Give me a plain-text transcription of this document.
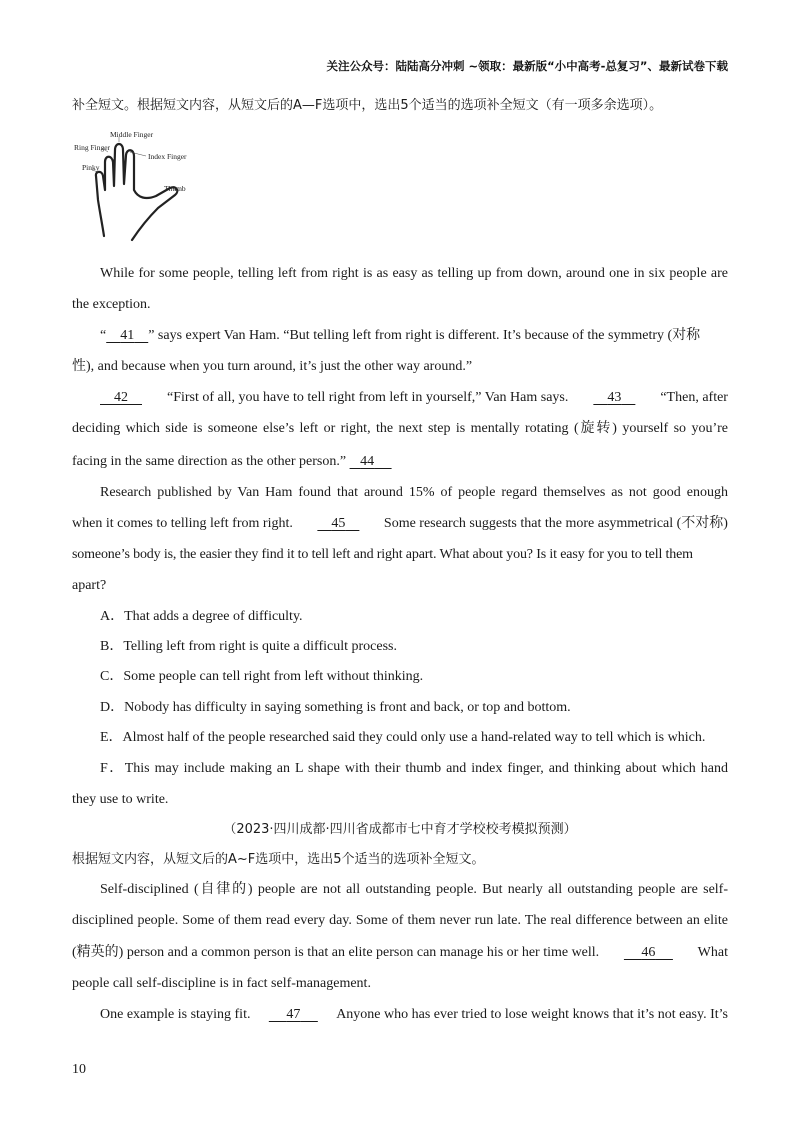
关注公众号：陆陆高分冲刺 ~领取：最新版“小中高考-总复习”、最新试卷下载
补全短文。根据短文内容，从短文后的A—F选项中，选出5个适当的选项补全短文（有一项多余选项）。
Middle Finger
Ring Finger
Index Finger
Pinky
Thumb
While for some people, telling left from right is as easy as telling up from down, around one in six people are
the exception.
“ 41 ” says expert Van Ham. “But telling left from right is different. It’s because of the symmetry (对称
性), and because when you turn around, it’s just the other way around.”
42	“First of all, you have to tell right from left in yourself,” Van Ham says.	43	“Then, after
deciding which side is someone else’s left or right, the next step is mentally rotating (旋转) yourself so you’re
facing in the same direction as the other person.” 44
Research published by Van Ham found that around 15% of people regard themselves as not good enough
when it comes to telling left from right.	45	Some research suggests that the more asymmetrical (不对称)
someone’s body is, the easier they find it to tell left and right apart. What about you? Is it easy for you to tell them
apart?
A．That adds a degree of difficulty.
B．Telling left from right is quite a difficult process.
C．Some people can tell right from left without thinking.
D．Nobody has difficulty in saying something is front and back, or top and bottom.
E．Almost half of the people researched said they could only use a hand-related way to tell which is which.
F．This may include making an L shape with their thumb and index finger, and thinking about which hand
they use to write.
（2023·四川成都·四川省成都市七中育才学校校考模拟预测）
根据短文内容，从短文后的A~F选项中，选出5个适当的选项补全短文。
Self-disciplined (自律的) people are not all outstanding people. But nearly all outstanding people are self-
disciplined people. Some of them read every day. Some of them never run late. The real difference between an elite
(精英的) person and a common person is that an elite person can manage his or her time well.	46	What
people call self-discipline is in fact self-management.
One example is staying fit.	47	Anyone who has ever tried to lose weight knows that it’s not easy. It’s
10
